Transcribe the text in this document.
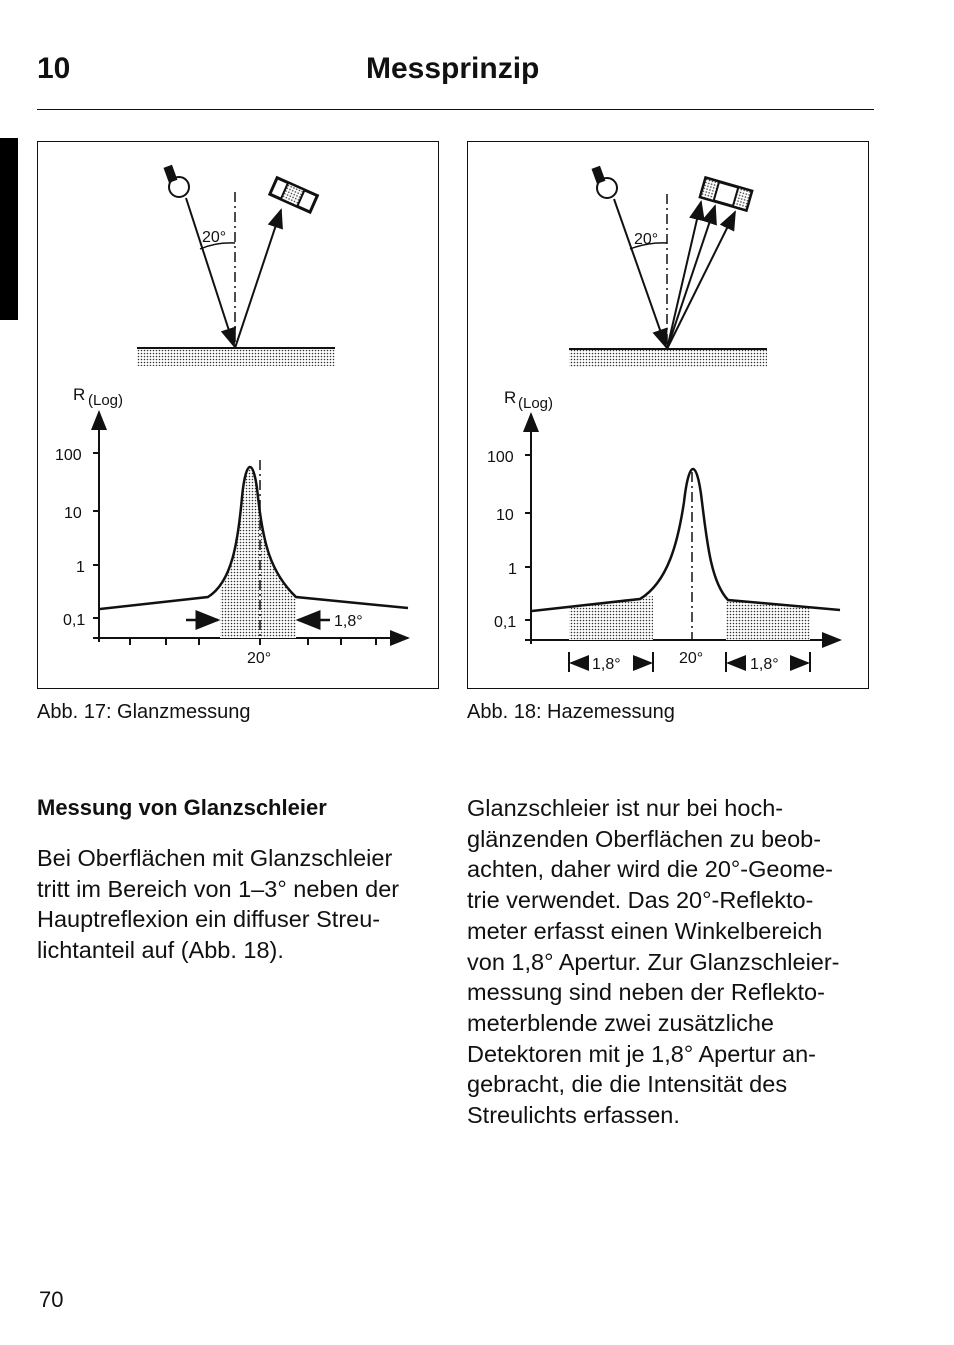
10	Messprinzip
20°
R (Log)
100
10
1
0,1	1,8°
20°
20°
R (Log)
100
10
1
0,1
1,8°	1,8°
20°
Abb. 17: Glanzmessung	Abb. 18: Hazemessung
Messung von Glanzschleier
Bei Oberflächen mit Glanzschleier
tritt im Bereich von 1–3° neben der
Hauptreflexion ein diffuser Streu-
lichtanteil auf (Abb. 18).
Glanzschleier ist nur bei hoch-
glänzenden Oberflächen zu beob-
achten, daher wird die 20°-Geome-
trie verwendet. Das 20°-Reflekto-
meter erfasst einen Winkelbereich
von 1,8° Apertur. Zur Glanzschleier-
messung sind neben der Reflekto-
meterblende zwei zusätzliche
Detektoren mit je 1,8° Apertur an-
gebracht, die die Intensität des
Streulichts erfassen.
70
